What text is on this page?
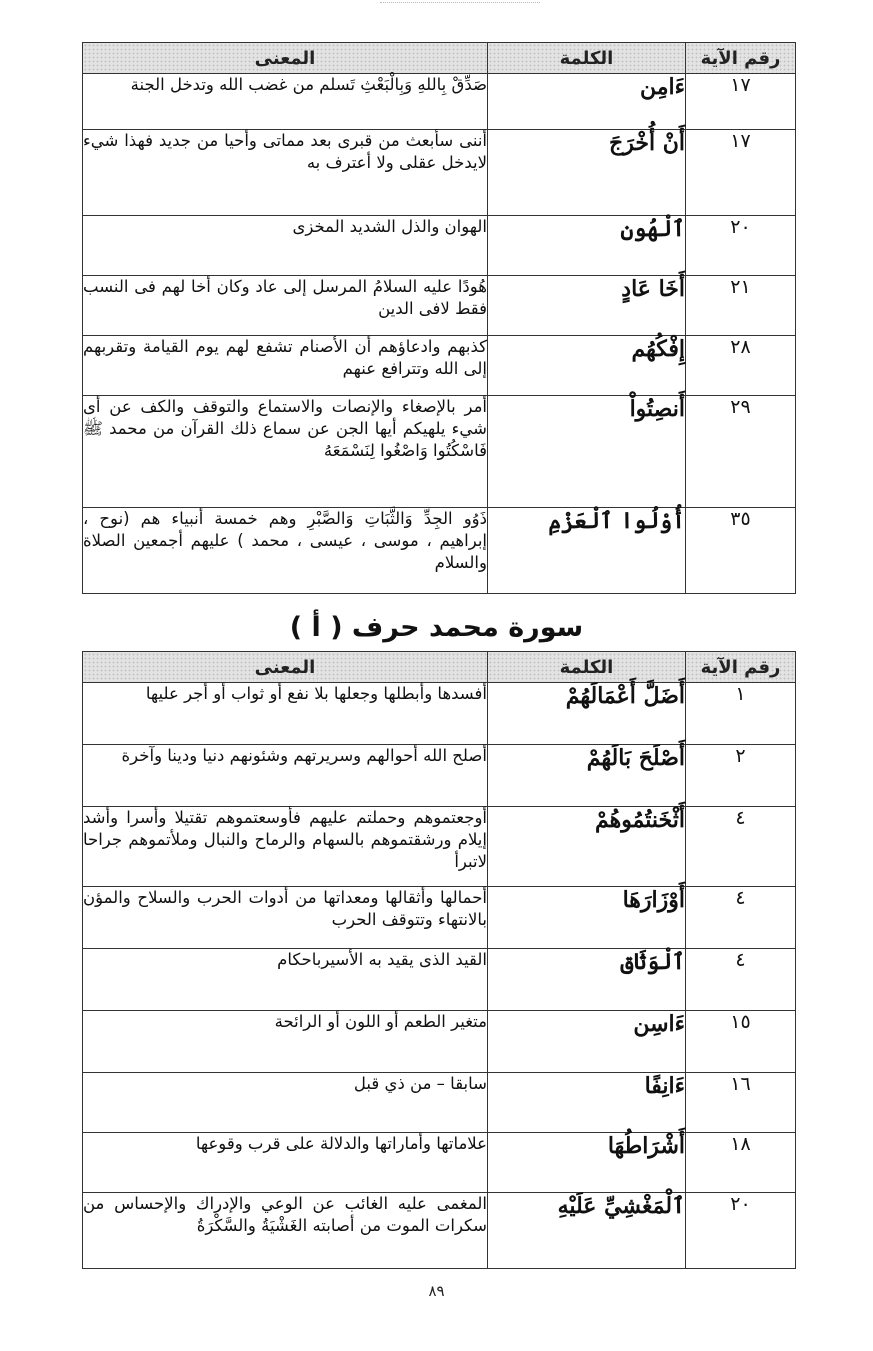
رقم الآية	الكلمة	المعنى
١٧	ءَامِن	صَدِّقْ بِاللهِ وَبِالْبَعْثِ تَسلم من غضب الله وتدخل الجنة
١٧	أَنْ أُخْرَجَ	أننى سأبعث من قبرى بعد مماتى وأحيا من جديد فهذا شيء لايدخل عقلى ولا أعترف به
٢٠	ٱلْهُون	الهوان والذل الشديد المخزى
٢١	أَخَا عَادٍ	هُودًا عليه السلامُ المرسل إلى عاد وكان أخا لهم فى النسب فقط لافى الدين
٢٨	إِفْكُهُم	كذبهم وادعاؤهم أن الأصنام تشفع لهم يوم القيامة وتقربهم إلى الله وتترافع عنهم
٢٩	أَنصِتُواْ	أمر بالإصغاء والإنصات والاستماع والتوقف والكف عن أى شيء يلهيكم أيها الجن عن سماع ذلك القرآن من محمد ﷺ فَاسْكُتُوا وَاصْغُوا لِنَسْمَعَهُ
٣٥	أُوْلُوا ٱلْعَزْمِ	ذَوُو الجِدِّ وَالثَّبَاتِ وَالصَّبْرِ وهم خمسة أنبياء هم (نوح ، إبراهيم ، موسى ، عيسى ، محمد ) عليهم أجمعين الصلاة والسلام
سورة محمد حرف ( أ )
رقم الآية	الكلمة	المعنى
١	أَضَلَّ أَعْمَالَهُمْ	أفسدها وأبطلها وجعلها بلا نفع أو ثواب أو أجر عليها
٢	أَصْلَحَ بَالَهُمْ	أصلح الله أحوالهم وسريرتهم وشئونهم دنيا ودينا وآخرة
٤	أَثْخَنتُمُوهُمْ	أوجعتموهم وحملتم عليهم فأوسعتموهم تقتيلا وأسرا وأشد إيلام ورشقتموهم بالسهام والرماح والنبال وملأتموهم جراحا لاتبرأ
٤	أَوْزَارَهَا	أحمالها وأثقالها ومعداتها من أدوات الحرب والسلاح والمؤن بالانتهاء وتتوقف الحرب
٤	ٱلْوَثَاق	القيد الذى يقيد به الأسيرباحكام
١٥	ءَاسِن	متغير الطعم أو اللون أو الرائحة
١٦	ءَانِفًا	سابقا – من ذي قبل
١٨	أَشْرَاطُهَا	علاماتها وأماراتها والدلالة على قرب وقوعها
٢٠	ٱلْمَغْشِيِّ عَلَيْهِ	المغمى عليه الغائب عن الوعي والإدراك والإحساس من سكرات الموت من أصابته الغَشْيَةُ والسَّكْرَةُ
٨٩
